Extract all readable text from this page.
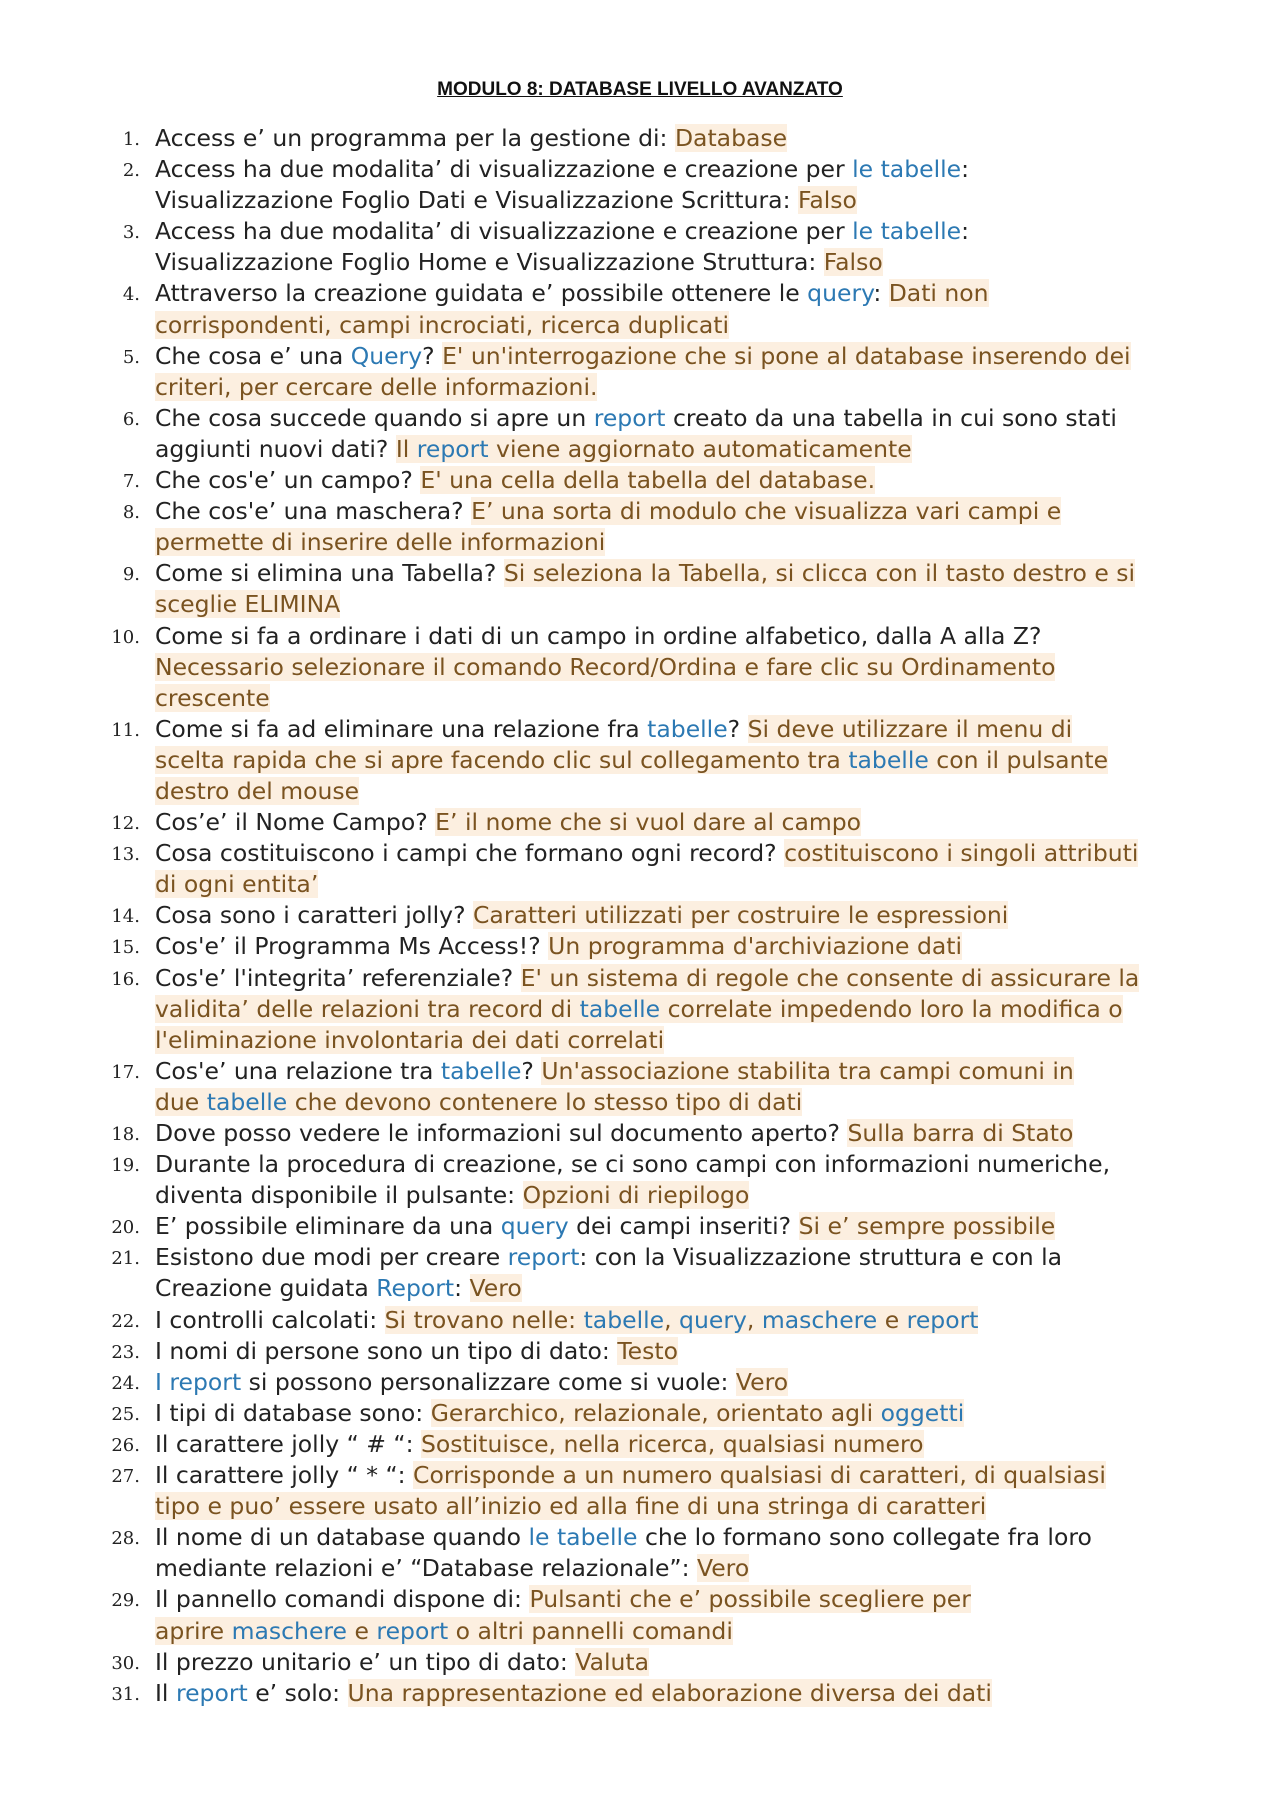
MODULO 8: DATABASE LIVELLO AVANZATO
1. Access e’ un programma per la gestione di: Database
2. Access ha due modalita’ di visualizzazione e creazione per le tabelle:
Visualizzazione Foglio Dati e Visualizzazione Scrittura: Falso
3. Access ha due modalita’ di visualizzazione e creazione per le tabelle:
Visualizzazione Foglio Home e Visualizzazione Struttura: Falso
4. Attraverso la creazione guidata e’ possibile ottenere le query: Dati non
corrispondenti, campi incrociati, ricerca duplicati
5. Che cosa e’ una Query? E' un'interrogazione che si pone al database inserendo dei
criteri, per cercare delle informazioni.
6. Che cosa succede quando si apre un report creato da una tabella in cui sono stati
aggiunti nuovi dati? Il report viene aggiornato automaticamente
7. Che cos'e’ un campo? E' una cella della tabella del database.
8. Che cos'e’ una maschera? E’ una sorta di modulo che visualizza vari campi e
permette di inserire delle informazioni
9. Come si elimina una Tabella? Si seleziona la Tabella, si clicca con il tasto destro e si
sceglie ELIMINA
10. Come si fa a ordinare i dati di un campo in ordine alfabetico, dalla A alla Z?
Necessario selezionare il comando Record/Ordina e fare clic su Ordinamento
crescente
11. Come si fa ad eliminare una relazione fra tabelle? Si deve utilizzare il menu di
scelta rapida che si apre facendo clic sul collegamento tra tabelle con il pulsante
destro del mouse
12. Cos’e’ il Nome Campo? E’ il nome che si vuol dare al campo
13. Cosa costituiscono i campi che formano ogni record? costituiscono i singoli attributi
di ogni entita’
14. Cosa sono i caratteri jolly? Caratteri utilizzati per costruire le espressioni
15. Cos'e’ il Programma Ms Access!? Un programma d'archiviazione dati
16. Cos'e’ l'integrita’ referenziale? E' un sistema di regole che consente di assicurare la
validita’ delle relazioni tra record di tabelle correlate impedendo loro la modifica o
l'eliminazione involontaria dei dati correlati
17. Cos'e’ una relazione tra tabelle? Un'associazione stabilita tra campi comuni in
due tabelle che devono contenere lo stesso tipo di dati
18. Dove posso vedere le informazioni sul documento aperto? Sulla barra di Stato
19. Durante la procedura di creazione, se ci sono campi con informazioni numeriche,
diventa disponibile il pulsante: Opzioni di riepilogo
20. E’ possibile eliminare da una query dei campi inseriti? Si e’ sempre possibile
21. Esistono due modi per creare report: con la Visualizzazione struttura e con la
Creazione guidata Report: Vero
22. I controlli calcolati: Si trovano nelle: tabelle, query, maschere e report
23. I nomi di persone sono un tipo di dato: Testo
24. I report si possono personalizzare come si vuole: Vero
25. I tipi di database sono: Gerarchico, relazionale, orientato agli oggetti
26. Il carattere jolly “ # “: Sostituisce, nella ricerca, qualsiasi numero
27. Il carattere jolly “ * “: Corrisponde a un numero qualsiasi di caratteri, di qualsiasi
tipo e puo’ essere usato all’inizio ed alla fine di una stringa di caratteri
28. Il nome di un database quando le tabelle che lo formano sono collegate fra loro
mediante relazioni e’ “Database relazionale”: Vero
29. Il pannello comandi dispone di: Pulsanti che e’ possibile scegliere per
aprire maschere e report o altri pannelli comandi
30. Il prezzo unitario e’ un tipo di dato: Valuta
31. Il report e’ solo: Una rappresentazione ed elaborazione diversa dei dati
